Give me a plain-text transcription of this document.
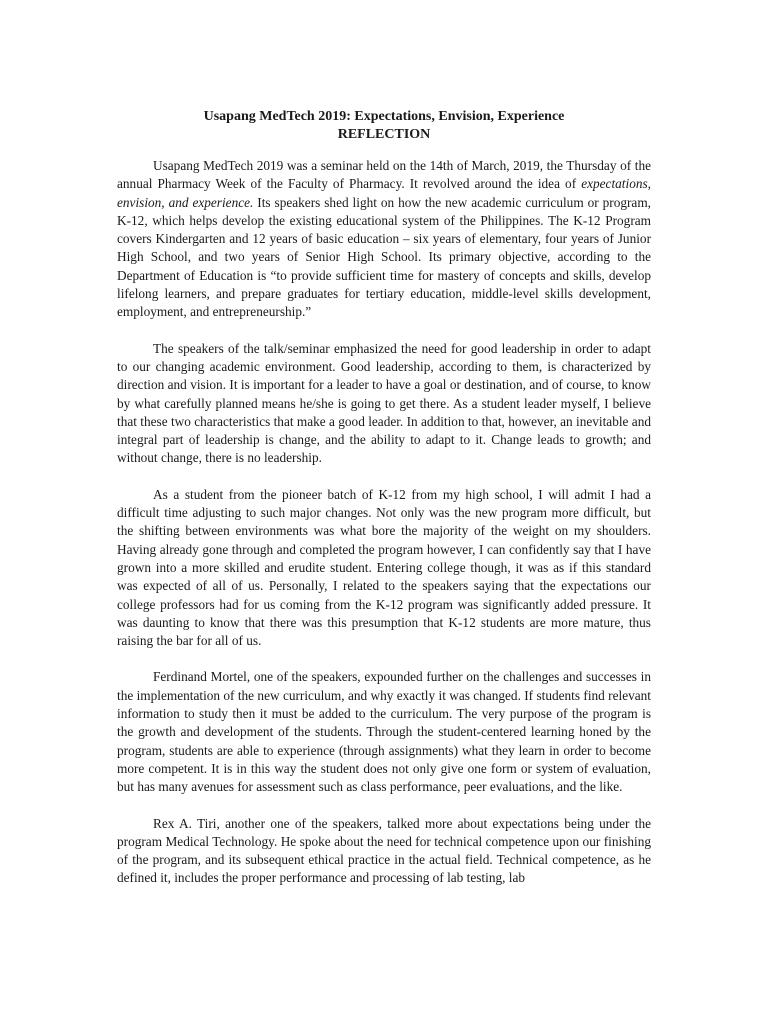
Usapang MedTech 2019: Expectations, Envision, Experience

REFLECTION

Usapang MedTech 2019 was a seminar held on the 14th of March, 2019, the Thursday of the annual Pharmacy Week of the Faculty of Pharmacy. It revolved around the idea of expectations, envision, and experience. Its speakers shed light on how the new academic curriculum or program, K-12, which helps develop the existing educational system of the Philippines. The K-12 Program covers Kindergarten and 12 years of basic education – six years of elementary, four years of Junior High School, and two years of Senior High School. Its primary objective, according to the Department of Education is “to provide sufficient time for mastery of concepts and skills, develop lifelong learners, and prepare graduates for tertiary education, middle-level skills development, employment, and entrepreneurship.”

The speakers of the talk/seminar emphasized the need for good leadership in order to adapt to our changing academic environment. Good leadership, according to them, is characterized by direction and vision. It is important for a leader to have a goal or destination, and of course, to know by what carefully planned means he/she is going to get there. As a student leader myself, I believe that these two characteristics that make a good leader. In addition to that, however, an inevitable and integral part of leadership is change, and the ability to adapt to it. Change leads to growth; and without change, there is no leadership.

As a student from the pioneer batch of K-12 from my high school, I will admit I had a difficult time adjusting to such major changes. Not only was the new program more difficult, but the shifting between environments was what bore the majority of the weight on my shoulders. Having already gone through and completed the program however, I can confidently say that I have grown into a more skilled and erudite student. Entering college though, it was as if this standard was expected of all of us. Personally, I related to the speakers saying that the expectations our college professors had for us coming from the K-12 program was significantly added pressure. It was daunting to know that there was this presumption that K-12 students are more mature, thus raising the bar for all of us.

Ferdinand Mortel, one of the speakers, expounded further on the challenges and successes in the implementation of the new curriculum, and why exactly it was changed. If students find relevant information to study then it must be added to the curriculum. The very purpose of the program is the growth and development of the students. Through the student-centered learning honed by the program, students are able to experience (through assignments) what they learn in order to become more competent. It is in this way the student does not only give one form or system of evaluation, but has many avenues for assessment such as class performance, peer evaluations, and the like.

Rex A. Tiri, another one of the speakers, talked more about expectations being under the program Medical Technology. He spoke about the need for technical competence upon our finishing of the program, and its subsequent ethical practice in the actual field. Technical competence, as he defined it, includes the proper performance and processing of lab testing, lab
